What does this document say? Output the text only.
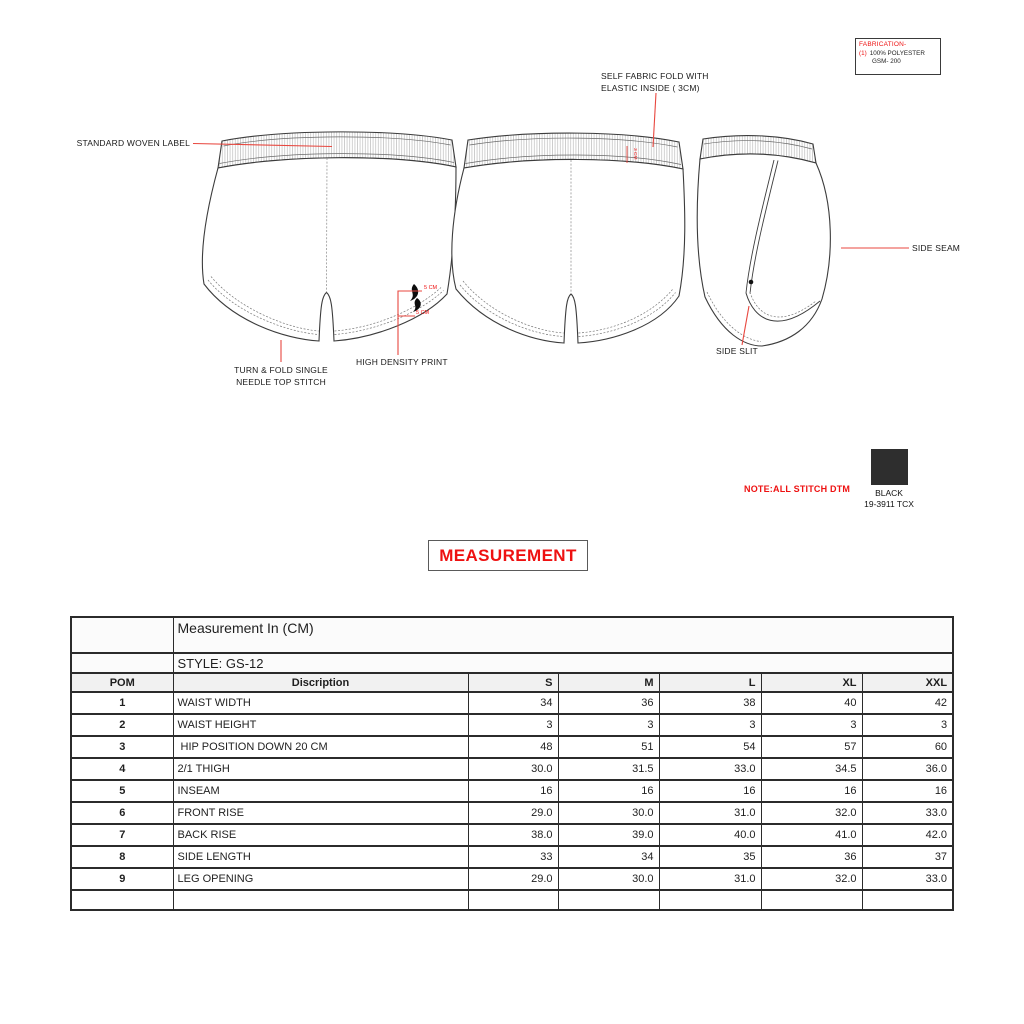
5 CM
5 CM
3 CM
STANDARD WOVEN LABEL
SELF FABRIC FOLD WITH
ELASTIC INSIDE ( 3CM)
SIDE SEAM
SIDE SLIT
TURN & FOLD SINGLE
NEEDLE TOP STITCH
HIGH DENSITY PRINT
FABRICATION-
(1) 100% POLYESTER
GSM- 200
NOTE:ALL STITCH DTM	BLACK
19-3911 TCX
MEASUREMENT
	Measurement In (CM)					
	STYLE: GS-12					
POM	Discription	S	M	L	XL	XXL
1	WAIST WIDTH	34	36	38	40	42
2	WAIST HEIGHT	3	3	3	3	3
3	HIP POSITION DOWN 20 CM	48	51	54	57	60
4	2/1 THIGH	30.0	31.5	33.0	34.5	36.0
5	INSEAM	16	16	16	16	16
6	FRONT RISE	29.0	30.0	31.0	32.0	33.0
7	BACK RISE	38.0	39.0	40.0	41.0	42.0
8	SIDE LENGTH	33	34	35	36	37
9	LEG OPENING	29.0	30.0	31.0	32.0	33.0
